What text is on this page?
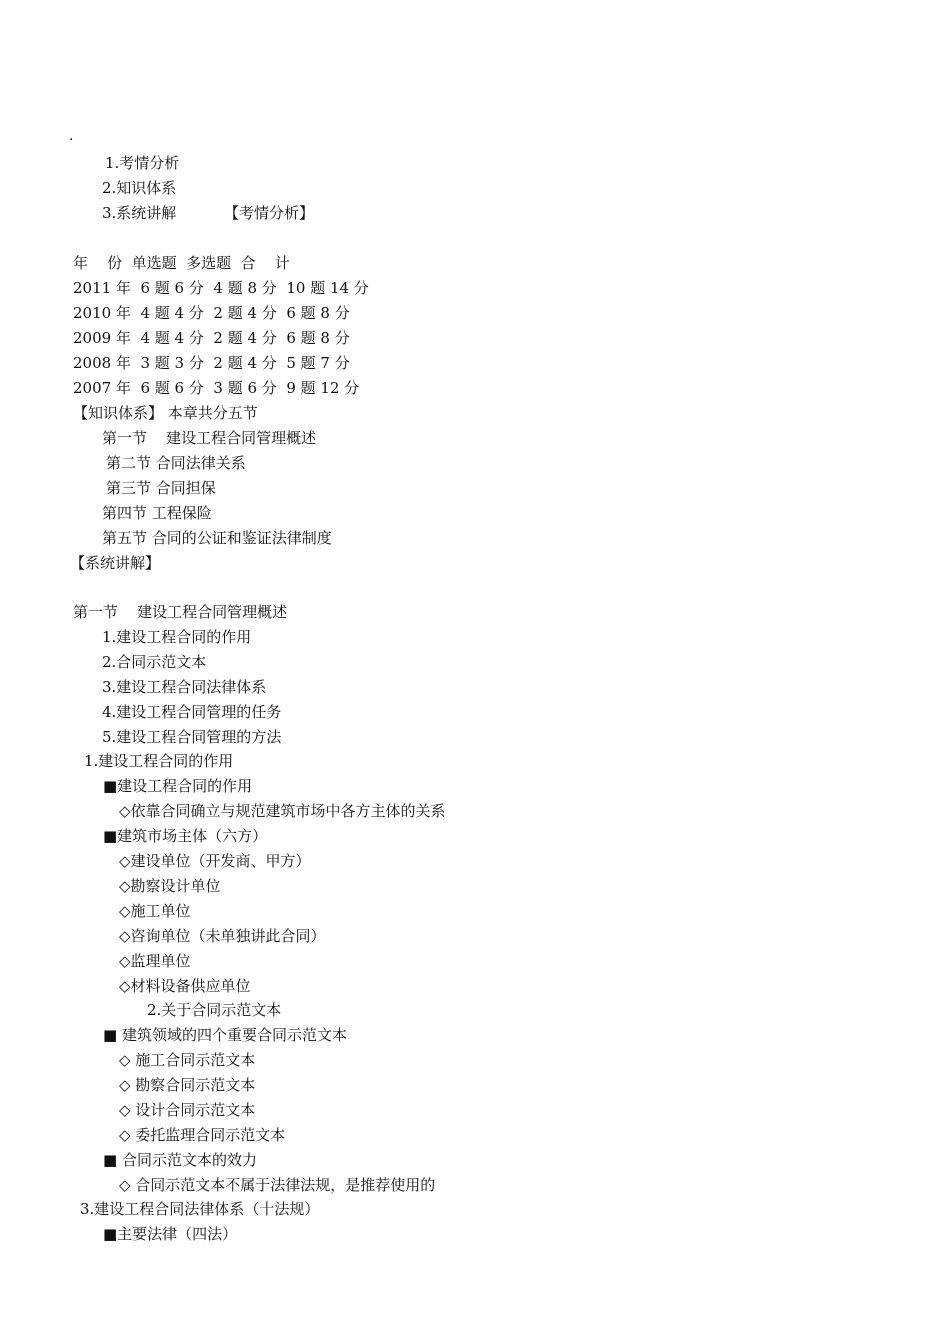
.
1.考情分析
2.知识体系
3.系统讲解          【考情分析】
年    份  单选题  多选题  合    计
2011 年  6 题 6 分  4 题 8 分  10 题 14 分
2010 年  4 题 4 分  2 题 4 分  6 题 8 分
2009 年  4 题 4 分  2 题 4 分  6 题 8 分
2008 年  3 题 3 分  2 题 4 分  5 题 7 分
2007 年  6 题 6 分  3 题 6 分  9 题 12 分
【知识体系】 本章共分五节
第一节    建设工程合同管理概述
第二节 合同法律关系
第三节 合同担保
第四节 工程保险
第五节 合同的公证和鉴证法律制度
【系统讲解】
第一节    建设工程合同管理概述
1.建设工程合同的作用
2.合同示范文本
3.建设工程合同法律体系
4.建设工程合同管理的任务
5.建设工程合同管理的方法
1.建设工程合同的作用
■建设工程合同的作用
◇依靠合同确立与规范建筑市场中各方主体的关系
■建筑市场主体（六方）
◇建设单位（开发商、甲方）
◇勘察设计单位
◇施工单位
◇咨询单位（未单独讲此合同）
◇监理单位
◇材料设备供应单位
2.关于合同示范文本
■ 建筑领域的四个重要合同示范文本
◇ 施工合同示范文本
◇ 勘察合同示范文本
◇ 设计合同示范文本
◇ 委托监理合同示范文本
■ 合同示范文本的效力
◇ 合同示范文本不属于法律法规，是推荐使用的
3.建设工程合同法律体系（十法规）
■主要法律（四法）
